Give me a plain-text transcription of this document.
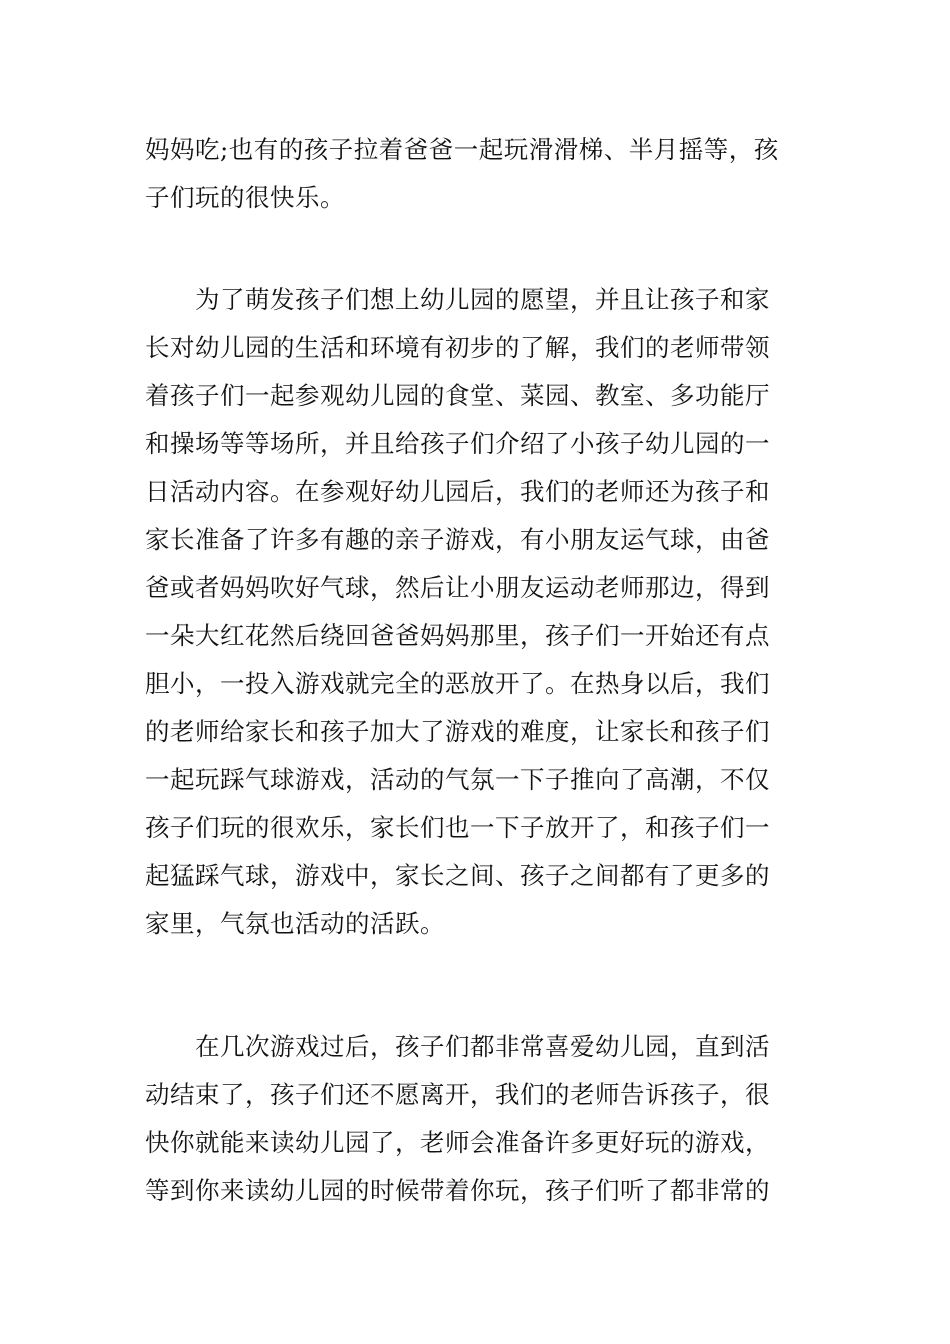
妈妈吃;也有的孩子拉着爸爸一起玩滑滑梯、半月摇等，孩
子们玩的很快乐。
　　为了萌发孩子们想上幼儿园的愿望，并且让孩子和家
长对幼儿园的生活和环境有初步的了解，我们的老师带领
着孩子们一起参观幼儿园的食堂、菜园、教室、多功能厅
和操场等等场所，并且给孩子们介绍了小孩子幼儿园的一
日活动内容。在参观好幼儿园后，我们的老师还为孩子和
家长准备了许多有趣的亲子游戏，有小朋友运气球，由爸
爸或者妈妈吹好气球，然后让小朋友运动老师那边，得到
一朵大红花然后绕回爸爸妈妈那里，孩子们一开始还有点
胆小，一投入游戏就完全的恶放开了。在热身以后，我们
的老师给家长和孩子加大了游戏的难度，让家长和孩子们
一起玩踩气球游戏，活动的气氛一下子推向了高潮，不仅
孩子们玩的很欢乐，家长们也一下子放开了，和孩子们一
起猛踩气球，游戏中，家长之间、孩子之间都有了更多的
家里，气氛也活动的活跃。
　　在几次游戏过后，孩子们都非常喜爱幼儿园，直到活
动结束了，孩子们还不愿离开，我们的老师告诉孩子，很
快你就能来读幼儿园了，老师会准备许多更好玩的游戏，
等到你来读幼儿园的时候带着你玩，孩子们听了都非常的
